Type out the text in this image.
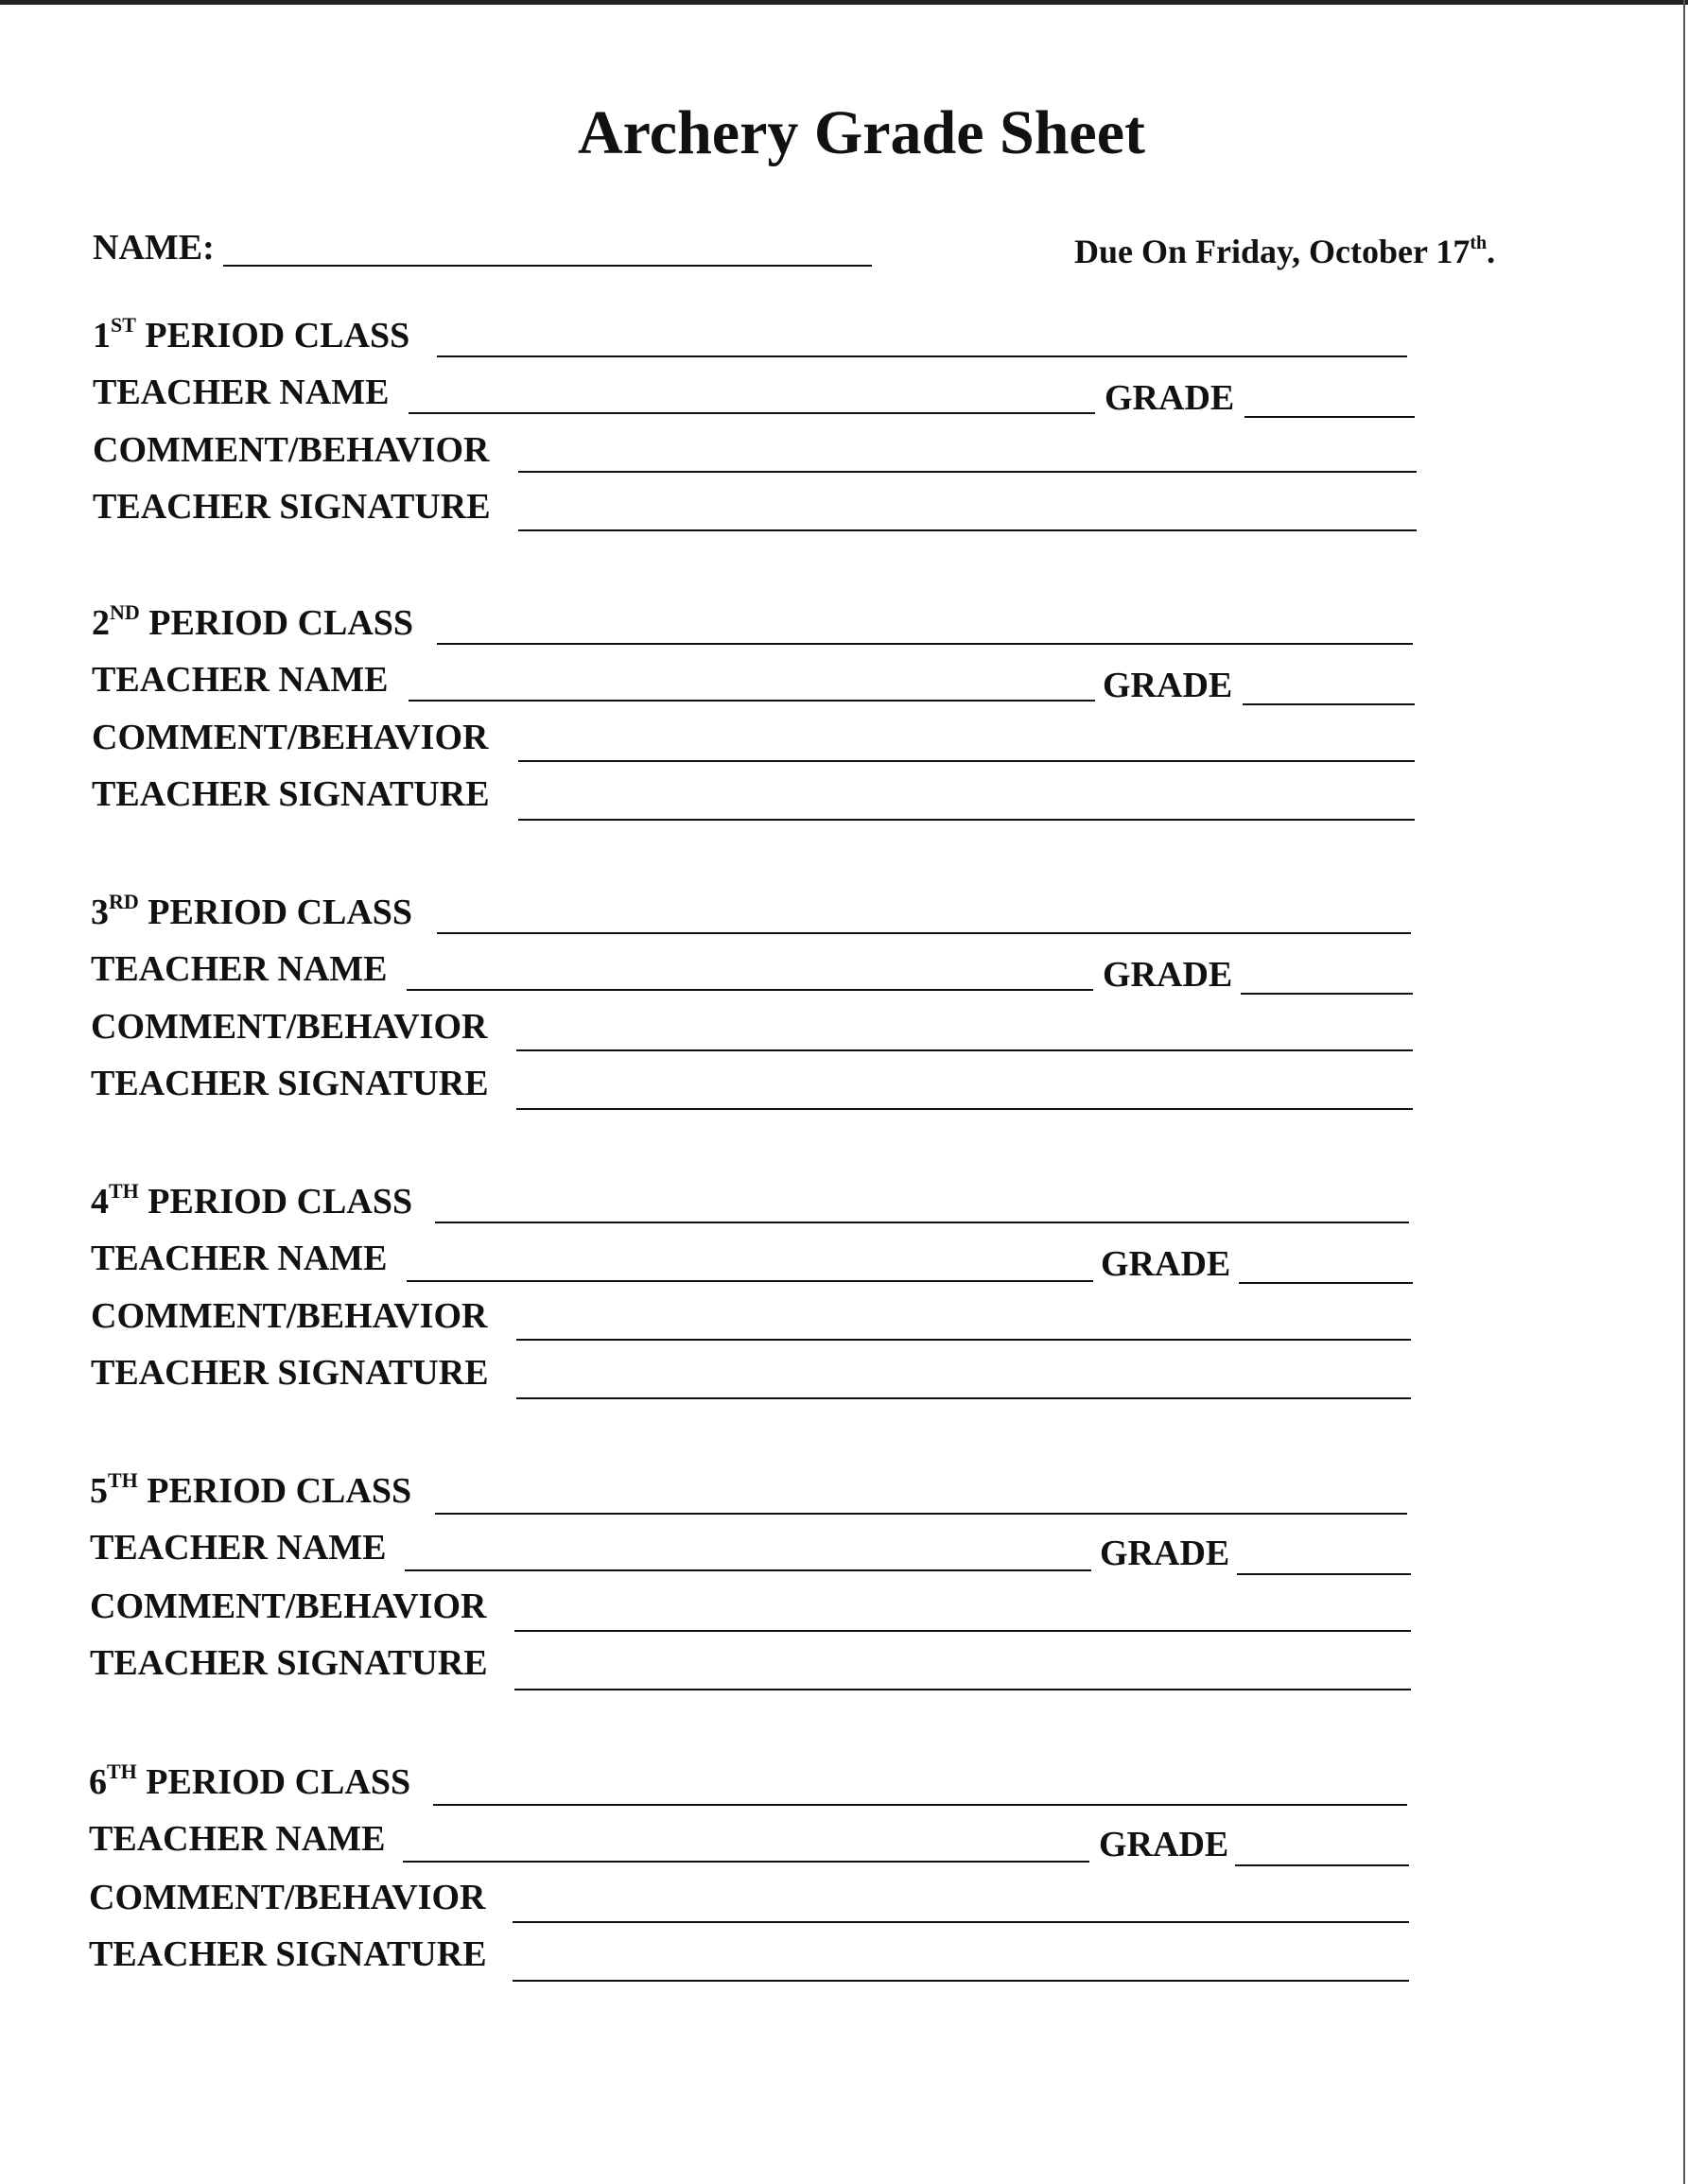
Archery Grade Sheet
NAME:	Due On Friday, October 17th.
1ST PERIOD CLASS
TEACHER NAME	GRADE
COMMENT/BEHAVIOR
TEACHER SIGNATURE
2ND PERIOD CLASS
TEACHER NAME	GRADE
COMMENT/BEHAVIOR
TEACHER SIGNATURE
3RD PERIOD CLASS
TEACHER NAME	GRADE
COMMENT/BEHAVIOR
TEACHER SIGNATURE
4TH PERIOD CLASS
TEACHER NAME	GRADE
COMMENT/BEHAVIOR
TEACHER SIGNATURE
5TH PERIOD CLASS
TEACHER NAME	GRADE
COMMENT/BEHAVIOR
TEACHER SIGNATURE
6TH PERIOD CLASS
TEACHER NAME	GRADE
COMMENT/BEHAVIOR
TEACHER SIGNATURE
